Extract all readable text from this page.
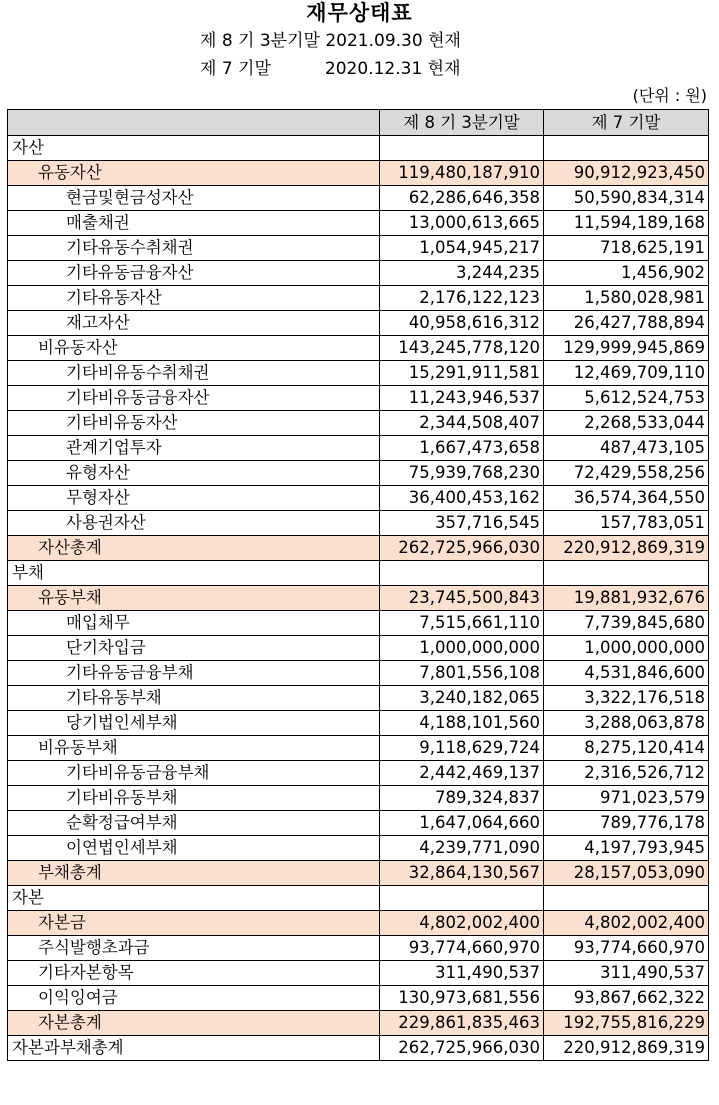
재무상태표
제 8 기 3분기말 2021.09.30 현재
제 7 기말          2020.12.31 현재
(단위 : 원)
	제 8 기 3분기말	제 7 기말
자산		
유동자산	119,480,187,910	90,912,923,450
현금및현금성자산	62,286,646,358	50,590,834,314
매출채권	13,000,613,665	11,594,189,168
기타유동수취채권	1,054,945,217	718,625,191
기타유동금융자산	3,244,235	1,456,902
기타유동자산	2,176,122,123	1,580,028,981
재고자산	40,958,616,312	26,427,788,894
비유동자산	143,245,778,120	129,999,945,869
기타비유동수취채권	15,291,911,581	12,469,709,110
기타비유동금융자산	11,243,946,537	5,612,524,753
기타비유동자산	2,344,508,407	2,268,533,044
관계기업투자	1,667,473,658	487,473,105
유형자산	75,939,768,230	72,429,558,256
무형자산	36,400,453,162	36,574,364,550
사용권자산	357,716,545	157,783,051
자산총계	262,725,966,030	220,912,869,319
부채		
유동부채	23,745,500,843	19,881,932,676
매입채무	7,515,661,110	7,739,845,680
단기차입금	1,000,000,000	1,000,000,000
기타유동금융부채	7,801,556,108	4,531,846,600
기타유동부채	3,240,182,065	3,322,176,518
당기법인세부채	4,188,101,560	3,288,063,878
비유동부채	9,118,629,724	8,275,120,414
기타비유동금융부채	2,442,469,137	2,316,526,712
기타비유동부채	789,324,837	971,023,579
순확정급여부채	1,647,064,660	789,776,178
이연법인세부채	4,239,771,090	4,197,793,945
부채총계	32,864,130,567	28,157,053,090
자본		
자본금	4,802,002,400	4,802,002,400
주식발행초과금	93,774,660,970	93,774,660,970
기타자본항목	311,490,537	311,490,537
이익잉여금	130,973,681,556	93,867,662,322
자본총계	229,861,835,463	192,755,816,229
자본과부채총계	262,725,966,030	220,912,869,319
